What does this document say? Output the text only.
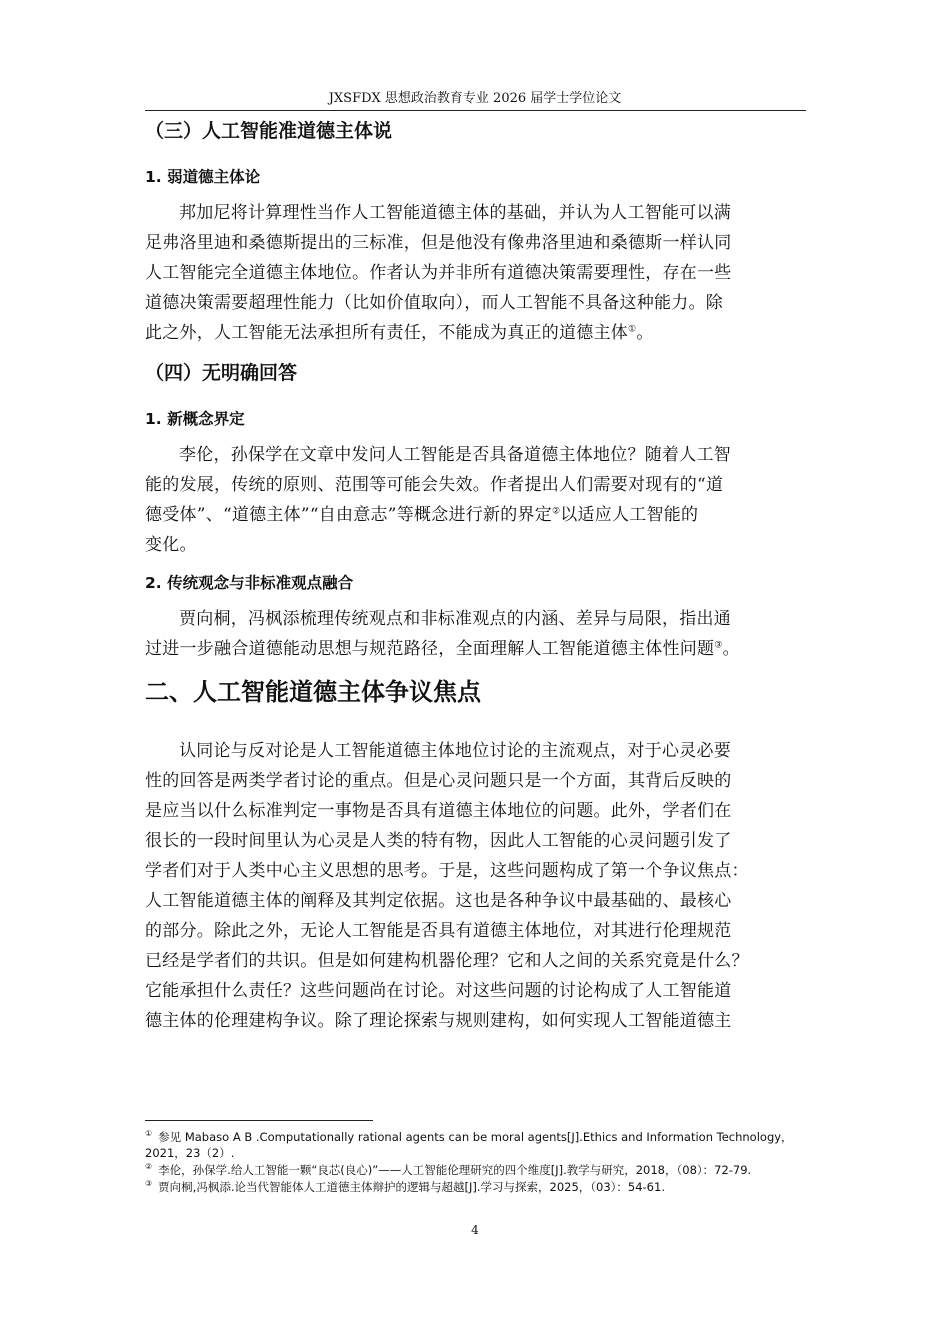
JXSFDX 思想政治教育专业 2026 届学士学位论文
（三）人工智能准道德主体说
1. 弱道德主体论

邦加尼将计算理性当作人工智能道德主体的基础，并认为人工智能可以满
足弗洛里迪和桑德斯提出的三标准，但是他没有像弗洛里迪和桑德斯一样认同
人工智能完全道德主体地位。作者认为并非所有道德决策需要理性，存在一些
道德决策需要超理性能力（比如价值取向），而人工智能不具备这种能力。除
此之外，人工智能无法承担所有责任，不能成为真正的道德主体①。

（四）无明确回答
1. 新概念界定

李伦，孙保学在文章中发问人工智能是否具备道德主体地位？随着人工智
能的发展，传统的原则、范围等可能会失效。作者提出人们需要对现有的“道
德受体”、“道德主体”“自由意志”等概念进行新的界定②以适应人工智能的
变化。

2. 传统观念与非标准观点融合

贾向桐，冯枫添梳理传统观点和非标准观点的内涵、差异与局限，指出通
过进一步融合道德能动思想与规范路径，全面理解人工智能道德主体性问题③。

二、人工智能道德主体争议焦点

认同论与反对论是人工智能道德主体地位讨论的主流观点，对于心灵必要
性的回答是两类学者讨论的重点。但是心灵问题只是一个方面，其背后反映的
是应当以什么标准判定一事物是否具有道德主体地位的问题。此外，学者们在
很长的一段时间里认为心灵是人类的特有物，因此人工智能的心灵问题引发了
学者们对于人类中心主义思想的思考。于是，这些问题构成了第一个争议焦点：
人工智能道德主体的阐释及其判定依据。这也是各种争议中最基础的、最核心
的部分。除此之外，无论人工智能是否具有道德主体地位，对其进行伦理规范
已经是学者们的共识。但是如何建构机器伦理？它和人之间的关系究竟是什么？
它能承担什么责任？这些问题尚在讨论。对这些问题的讨论构成了人工智能道
德主体的伦理建构争议。除了理论探索与规则建构，如何实现人工智能道德主

① 参见 Mabaso A B .Computationally rational agents can be moral agents[J].Ethics and Information Technology，2021，23（2）.
② 李伦，孙保学.给人工智能一颗“良芯(良心)”——人工智能伦理研究的四个维度[J].教学与研究，2018，（08）：72-79.
③ 贾向桐,冯枫添.论当代智能体人工道德主体辩护的逻辑与超越[J].学习与探索，2025，（03）：54-61.
4
